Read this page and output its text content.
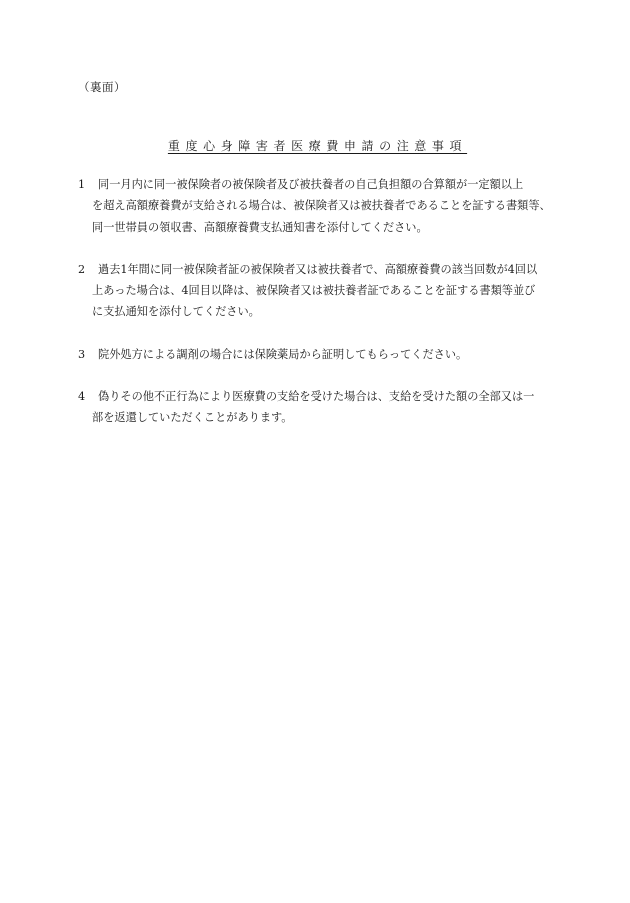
（裏面）
重度心身障害者医療費申請の注意事項
1	同一月内に同一被保険者の被保険者及び被扶養者の自己負担額の合算額が一定額以上
を超え高額療養費が支給される場合は、被保険者又は被扶養者であることを証する書類等、
同一世帯員の領収書、高額療養費支払通知書を添付してください。
2	過去1年間に同一被保険者証の被保険者又は被扶養者で、高額療養費の該当回数が4回以
上あった場合は、4回目以降は、被保険者又は被扶養者証であることを証する書類等並び
に支払通知を添付してください。
3	院外処方による調剤の場合には保険薬局から証明してもらってください。
4	偽りその他不正行為により医療費の支給を受けた場合は、支給を受けた額の全部又は一
部を返還していただくことがあります。
